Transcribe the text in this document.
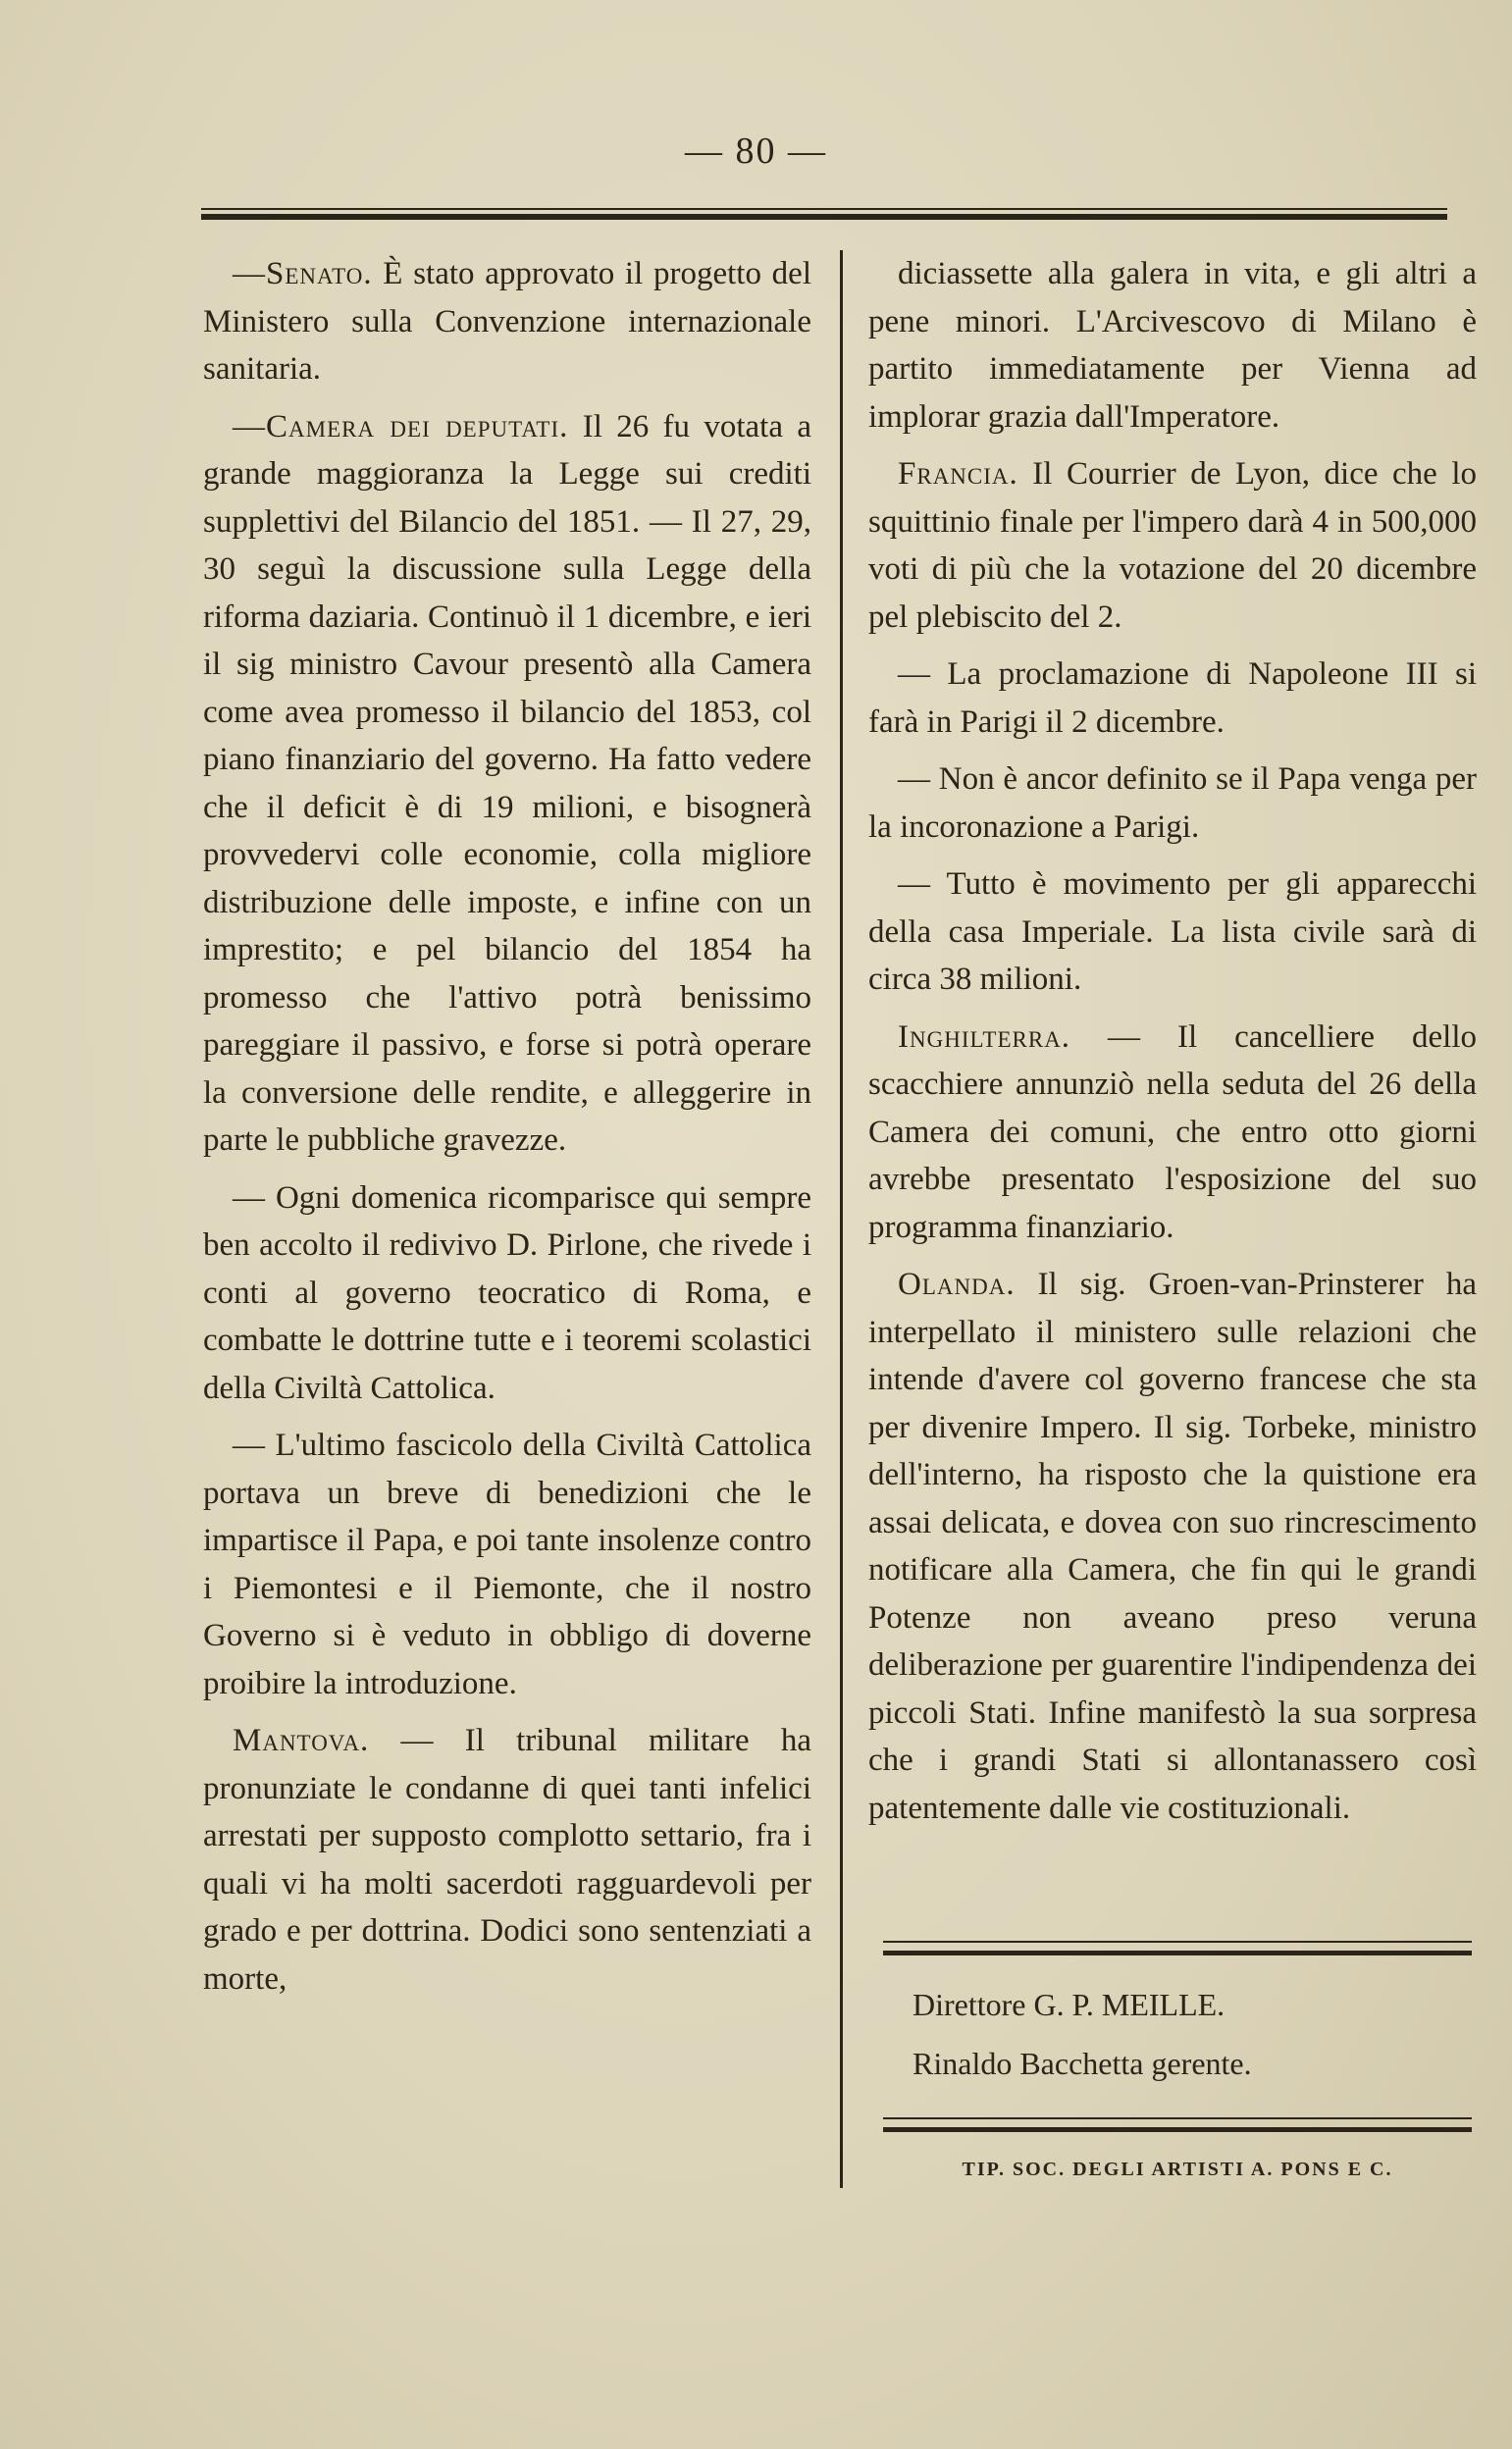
— 80 —

—Senato. È stato approvato il progetto del Ministero sulla Convenzione internazionale sanitaria.

—Camera dei deputati. Il 26 fu votata a grande maggioranza la Legge sui crediti supplettivi del Bilancio del 1851. — Il 27, 29, 30 seguì la discussione sulla Legge della riforma daziaria. Continuò il 1 dicembre, e ieri il sig ministro Cavour presentò alla Camera come avea promesso il bilancio del 1853, col piano finanziario del governo. Ha fatto vedere che il deficit è di 19 milioni, e bisognerà provvedervi colle economie, colla migliore distribuzione delle imposte, e infine con un imprestito; e pel bilancio del 1854 ha promesso che l'attivo potrà benissimo pareggiare il passivo, e forse si potrà operare la conversione delle rendite, e alleggerire in parte le pubbliche gravezze.

— Ogni domenica ricomparisce qui sempre ben accolto il redivivo D. Pirlone, che rivede i conti al governo teocratico di Roma, e combatte le dottrine tutte e i teoremi scolastici della Civiltà Cattolica.

— L'ultimo fascicolo della Civiltà Cattolica portava un breve di benedizioni che le impartisce il Papa, e poi tante insolenze contro i Piemontesi e il Piemonte, che il nostro Governo si è veduto in obbligo di doverne proibire la introduzione.

Mantova. — Il tribunal militare ha pronunziate le condanne di quei tanti infelici arrestati per supposto complotto settario, fra i quali vi ha molti sacerdoti ragguardevoli per grado e per dottrina. Dodici sono sentenziati a morte,

diciassette alla galera in vita, e gli altri a pene minori. L'Arcivescovo di Milano è partito immediatamente per Vienna ad implorar grazia dall'Imperatore.

Francia. Il Courrier de Lyon, dice che lo squittinio finale per l'impero darà 4 in 500,000 voti di più che la votazione del 20 dicembre pel plebiscito del 2.

— La proclamazione di Napoleone III si farà in Parigi il 2 dicembre.

— Non è ancor definito se il Papa venga per la incoronazione a Parigi.

— Tutto è movimento per gli apparecchi della casa Imperiale. La lista civile sarà di circa 38 milioni.

Inghilterra. — Il cancelliere dello scacchiere annunziò nella seduta del 26 della Camera dei comuni, che entro otto giorni avrebbe presentato l'esposizione del suo programma finanziario.

Olanda. Il sig. Groen-van-Prinsterer ha interpellato il ministero sulle relazioni che intende d'avere col governo francese che sta per divenire Impero. Il sig. Torbeke, ministro dell'interno, ha risposto che la quistione era assai delicata, e dovea con suo rincrescimento notificare alla Camera, che fin qui le grandi Potenze non aveano preso veruna deliberazione per guarentire l'indipendenza dei piccoli Stati. Infine manifestò la sua sorpresa che i grandi Stati si allontanassero così patentemente dalle vie costituzionali.

Direttore G. P. MEILLE.
Rinaldo Bacchetta gerente.
TIP. SOC. DEGLI ARTISTI A. PONS E C.
